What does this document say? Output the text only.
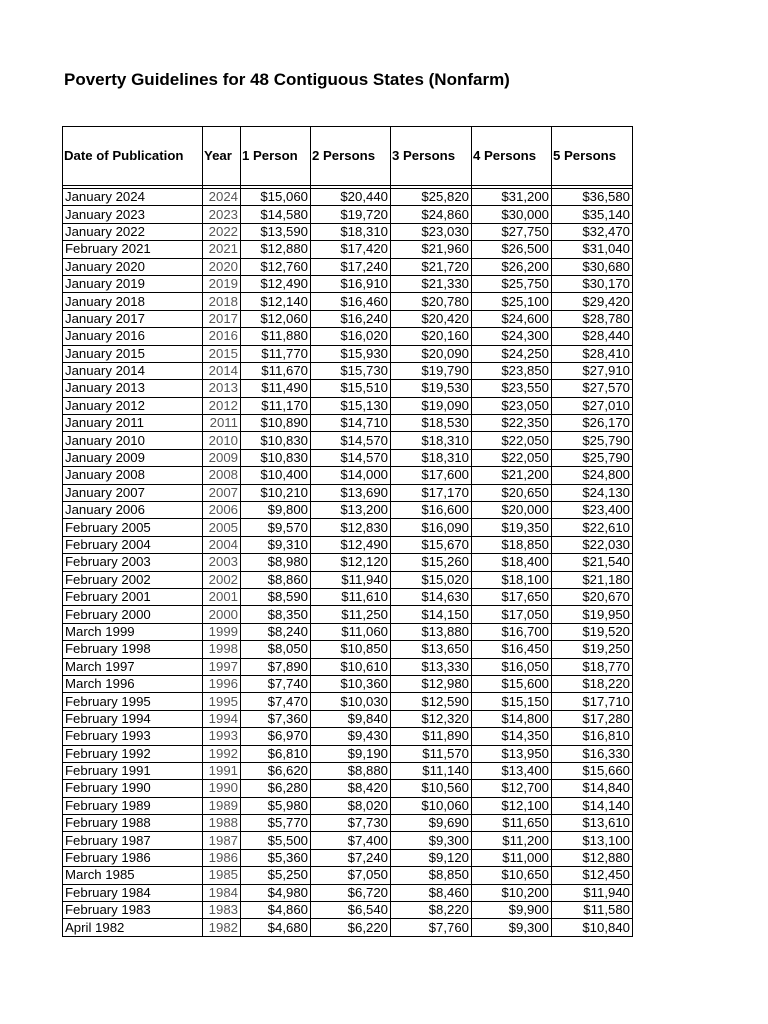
Poverty Guidelines for 48 Contiguous States (Nonfarm)
Date of Publication	Year	1 Person	2 Persons	3 Persons	4 Persons	5 Persons

January 2024	2024	$15,060	$20,440	$25,820	$31,200	$36,580
January 2023	2023	$14,580	$19,720	$24,860	$30,000	$35,140
January 2022	2022	$13,590	$18,310	$23,030	$27,750	$32,470
February 2021	2021	$12,880	$17,420	$21,960	$26,500	$31,040
January 2020	2020	$12,760	$17,240	$21,720	$26,200	$30,680
January 2019	2019	$12,490	$16,910	$21,330	$25,750	$30,170
January 2018	2018	$12,140	$16,460	$20,780	$25,100	$29,420
January 2017	2017	$12,060	$16,240	$20,420	$24,600	$28,780
January 2016	2016	$11,880	$16,020	$20,160	$24,300	$28,440
January 2015	2015	$11,770	$15,930	$20,090	$24,250	$28,410
January 2014	2014	$11,670	$15,730	$19,790	$23,850	$27,910
January 2013	2013	$11,490	$15,510	$19,530	$23,550	$27,570
January 2012	2012	$11,170	$15,130	$19,090	$23,050	$27,010
January 2011	2011	$10,890	$14,710	$18,530	$22,350	$26,170
January 2010	2010	$10,830	$14,570	$18,310	$22,050	$25,790
January 2009	2009	$10,830	$14,570	$18,310	$22,050	$25,790
January 2008	2008	$10,400	$14,000	$17,600	$21,200	$24,800
January 2007	2007	$10,210	$13,690	$17,170	$20,650	$24,130
January 2006	2006	$9,800	$13,200	$16,600	$20,000	$23,400
February 2005	2005	$9,570	$12,830	$16,090	$19,350	$22,610
February 2004	2004	$9,310	$12,490	$15,670	$18,850	$22,030
February 2003	2003	$8,980	$12,120	$15,260	$18,400	$21,540
February 2002	2002	$8,860	$11,940	$15,020	$18,100	$21,180
February 2001	2001	$8,590	$11,610	$14,630	$17,650	$20,670
February 2000	2000	$8,350	$11,250	$14,150	$17,050	$19,950
March 1999	1999	$8,240	$11,060	$13,880	$16,700	$19,520
February 1998	1998	$8,050	$10,850	$13,650	$16,450	$19,250
March 1997	1997	$7,890	$10,610	$13,330	$16,050	$18,770
March 1996	1996	$7,740	$10,360	$12,980	$15,600	$18,220
February 1995	1995	$7,470	$10,030	$12,590	$15,150	$17,710
February 1994	1994	$7,360	$9,840	$12,320	$14,800	$17,280
February 1993	1993	$6,970	$9,430	$11,890	$14,350	$16,810
February 1992	1992	$6,810	$9,190	$11,570	$13,950	$16,330
February 1991	1991	$6,620	$8,880	$11,140	$13,400	$15,660
February 1990	1990	$6,280	$8,420	$10,560	$12,700	$14,840
February 1989	1989	$5,980	$8,020	$10,060	$12,100	$14,140
February 1988	1988	$5,770	$7,730	$9,690	$11,650	$13,610
February 1987	1987	$5,500	$7,400	$9,300	$11,200	$13,100
February 1986	1986	$5,360	$7,240	$9,120	$11,000	$12,880
March 1985	1985	$5,250	$7,050	$8,850	$10,650	$12,450
February 1984	1984	$4,980	$6,720	$8,460	$10,200	$11,940
February 1983	1983	$4,860	$6,540	$8,220	$9,900	$11,580
April 1982	1982	$4,680	$6,220	$7,760	$9,300	$10,840
